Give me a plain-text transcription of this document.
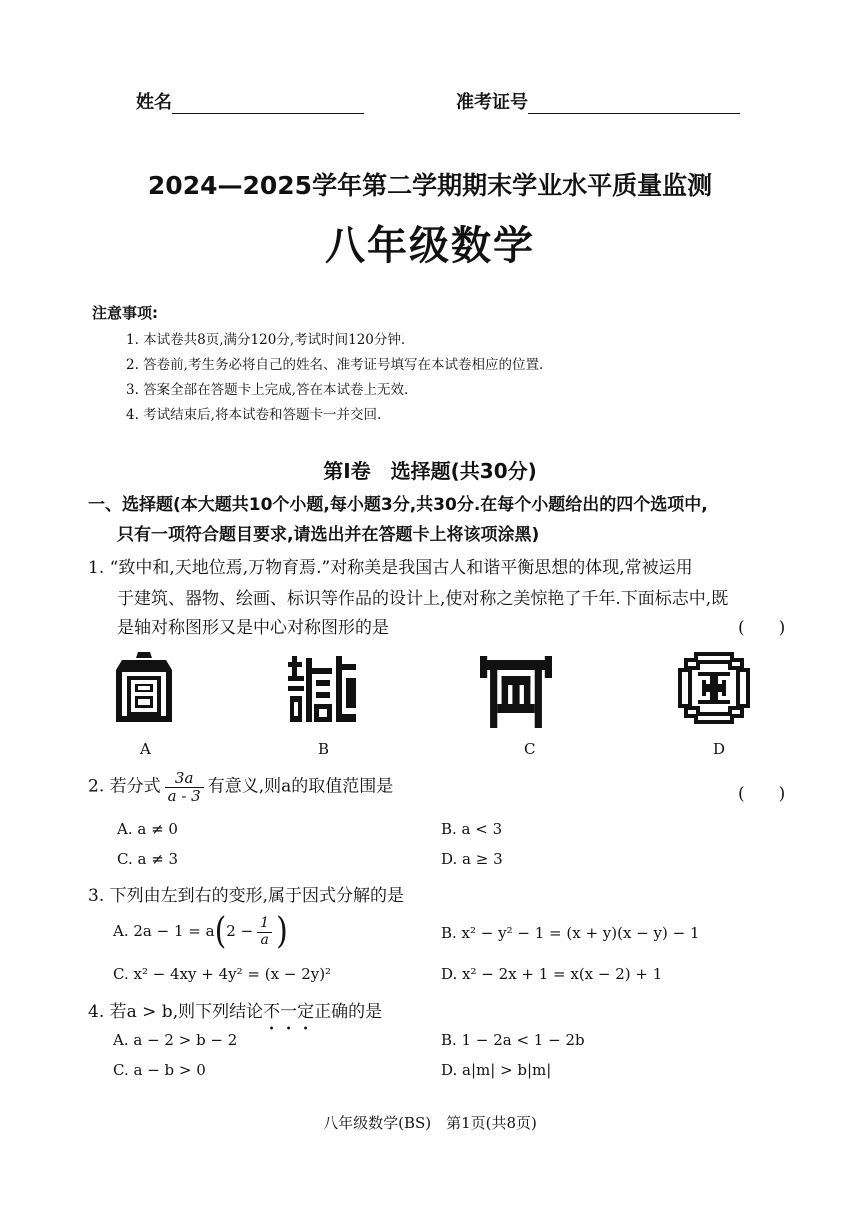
姓名	准考证号
2024—2025学年第二学期期末学业水平质量监测
八年级数学
注意事项:
1. 本试卷共8页,满分120分,考试时间120分钟.
2. 答卷前,考生务必将自己的姓名、准考证号填写在本试卷相应的位置.
3. 答案全部在答题卡上完成,答在本试卷上无效.
4. 考试结束后,将本试卷和答题卡一并交回.
第Ⅰ卷　选择题(共30分)
一、选择题(本大题共10个小题,每小题3分,共30分.在每个小题给出的四个选项中,
只有一项符合题目要求,请选出并在答题卡上将该项涂黑)
1. “致中和,天地位焉,万物育焉.”对称美是我国古人和谐平衡思想的体现,常被运用
于建筑、器物、绘画、标识等作品的设计上,使对称之美惊艳了千年.下面标志中,既
是轴对称图形又是中心对称图形的是	(　　)
A	B	C	D
2. 若分式 $\frac{3a}{a - 3}$ 有意义,则a的取值范围是	(　　)
A. a ≠ 0	B. a < 3
C. a ≠ 3	D. a ≥ 3
3. 下列由左到右的变形,属于因式分解的是
A. $2a - 1 = a(2 - \frac{1}{a}$ )	B. x² − y² − 1 = (x + y)(x − y) − 1
C. x² − 4xy + 4y² = (x − 2y)²	D. x² − 2x + 1 = x(x − 2) + 1
4. 若a > b,则下列结论不一定正确的是
A. a − 2 > b − 2	B. 1 − 2a < 1 − 2b
C. a − b > 0	D. a|m| > b|m|
八年级数学(BS)　第1页(共8页)
